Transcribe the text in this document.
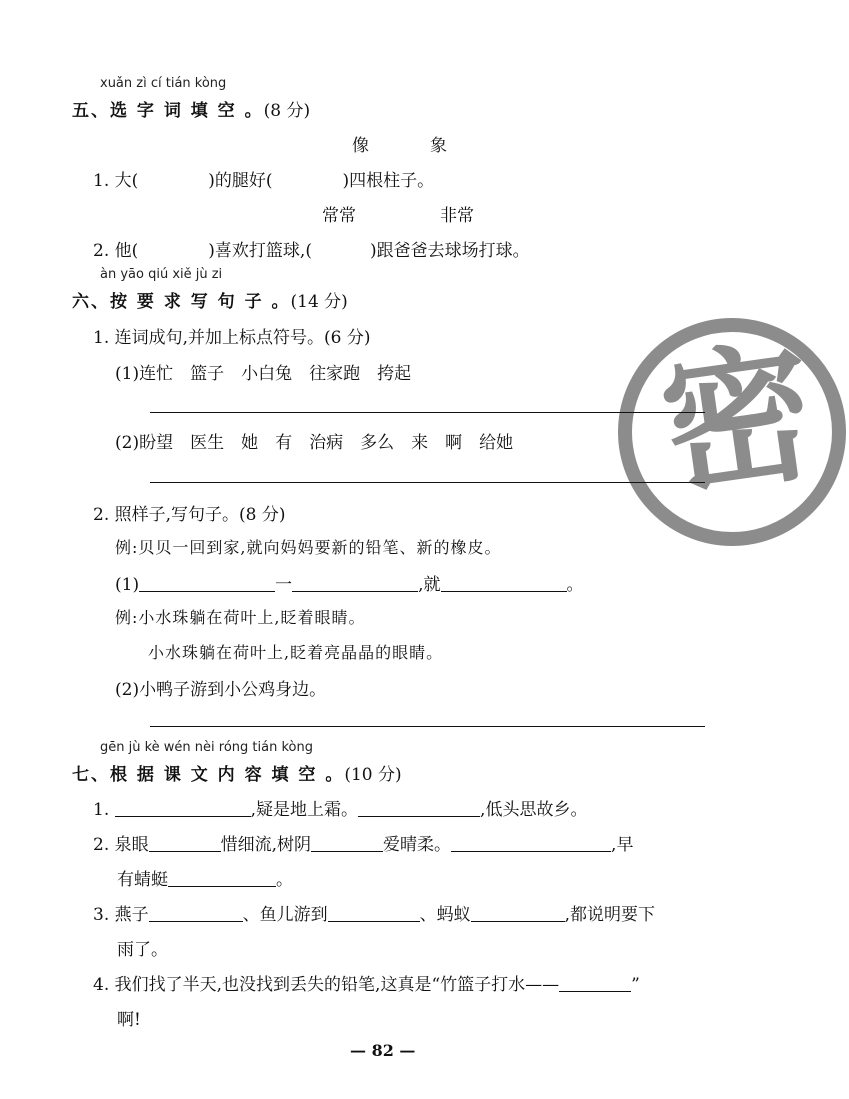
密
xuǎn zì cí tián kòng
五、选 字 词 填 空 。(8 分)
像	象
1. 大(	)的腿好(	)四根柱子。
常常	非常
2. 他(	)喜欢打篮球,(	)跟爸爸去球场打球。
àn yāo qiú xiě jù zi
六、按 要 求 写 句 子 。(14 分)
1. 连词成句,并加上标点符号。(6 分)
(1)连忙　篮子　小白兔　往家跑　挎起
(2)盼望　医生　她　有　治病　多么　来　啊　给她
2. 照样子,写句子。(8 分)
例:贝贝一回到家,就向妈妈要新的铅笔、新的橡皮。
(1)	一	,就	。
例:小水珠躺在荷叶上,眨着眼睛。
小水珠躺在荷叶上,眨着亮晶晶的眼睛。
(2)小鸭子游到小公鸡身边。
gēn jù kè wén nèi róng tián kòng
七、根 据 课 文 内 容 填 空 。(10 分)
1.	,疑是地上霜。	,低头思故乡。
2. 泉眼	惜细流,树阴	爱晴柔。	,早
有蜻蜓	。
3. 燕子	、鱼儿游到	、蚂蚁	,都说明要下
雨了。
4. 我们找了半天,也没找到丢失的铅笔,这真是“竹篮子打水——	”
啊!
— 82 —
